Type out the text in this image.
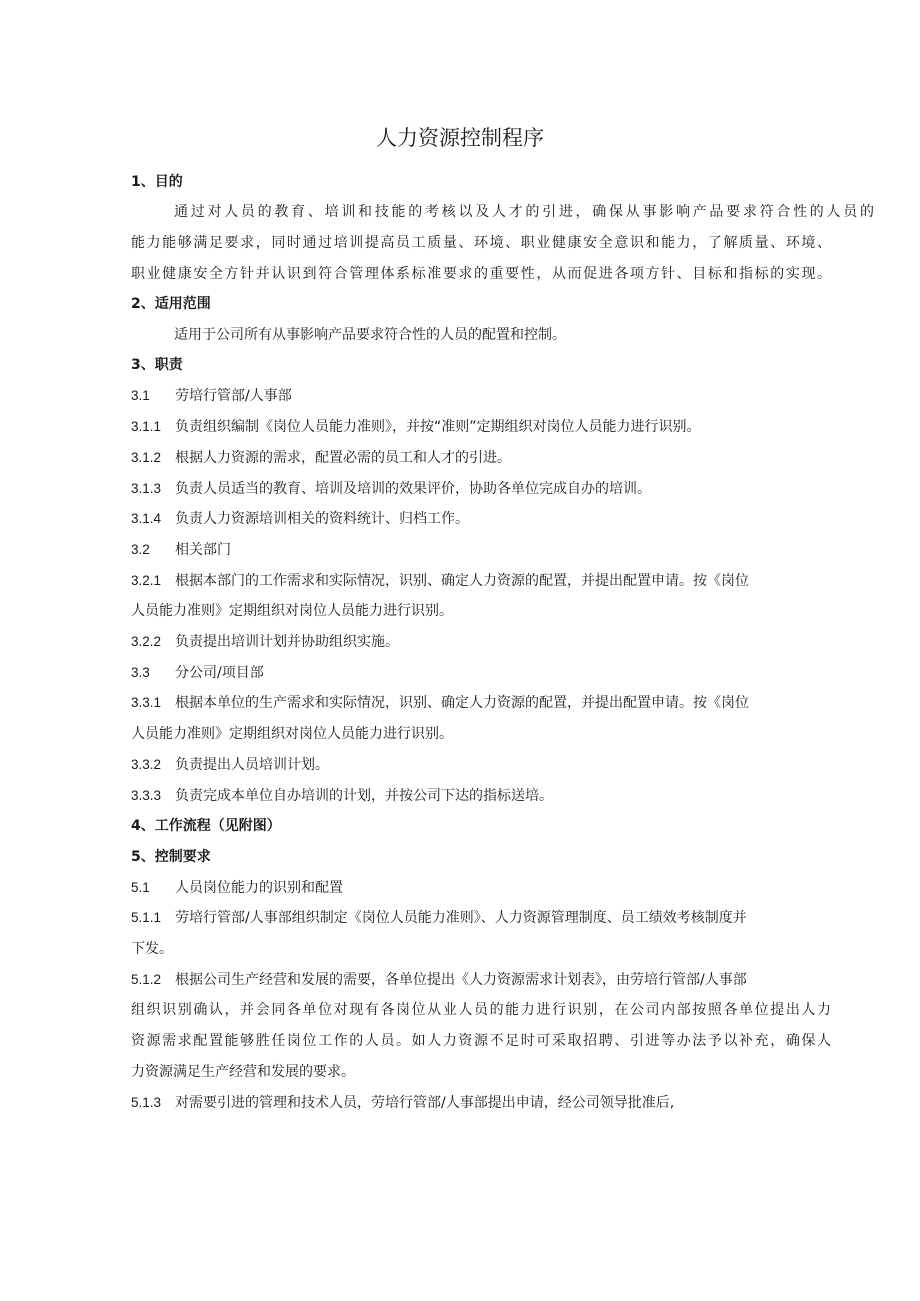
人力资源控制程序
1、目的
通过对人员的教育、培训和技能的考核以及人才的引进，确保从事影响产品要求符合性的人员的
能力能够满足要求，同时通过培训提高员工质量、环境、职业健康安全意识和能力，了解质量、环境、
职业健康安全方针并认识到符合管理体系标准要求的重要性，从而促进各项方针、目标和指标的实现。
2、适用范围
适用于公司所有从事影响产品要求符合性的人员的配置和控制。
3、职责
3.1 劳培行管部/人事部
3.1.1 负责组织编制《岗位人员能力准则》，并按“准则”定期组织对岗位人员能力进行识别。
3.1.2 根据人力资源的需求，配置必需的员工和人才的引进。
3.1.3 负责人员适当的教育、培训及培训的效果评价，协助各单位完成自办的培训。
3.1.4 负责人力资源培训相关的资料统计、归档工作。
3.2 相关部门
3.2.1 根据本部门的工作需求和实际情况，识别、确定人力资源的配置，并提出配置申请。按《岗位
人员能力准则》定期组织对岗位人员能力进行识别。
3.2.2 负责提出培训计划并协助组织实施。
3.3 分公司/项目部
3.3.1 根据本单位的生产需求和实际情况，识别、确定人力资源的配置，并提出配置申请。按《岗位
人员能力准则》定期组织对岗位人员能力进行识别。
3.3.2 负责提出人员培训计划。
3.3.3 负责完成本单位自办培训的计划，并按公司下达的指标送培。
4、工作流程（见附图）
5、控制要求
5.1 人员岗位能力的识别和配置
5.1.1 劳培行管部/人事部组织制定《岗位人员能力准则》、人力资源管理制度、员工绩效考核制度并
下发。
5.1.2 根据公司生产经营和发展的需要，各单位提出《人力资源需求计划表》，由劳培行管部/人事部
组织识别确认，并会同各单位对现有各岗位从业人员的能力进行识别，在公司内部按照各单位提出人力
资源需求配置能够胜任岗位工作的人员。如人力资源不足时可采取招聘、引进等办法予以补充，确保人
力资源满足生产经营和发展的要求。
5.1.3 对需要引进的管理和技术人员，劳培行管部/人事部提出申请，经公司领导批准后,
